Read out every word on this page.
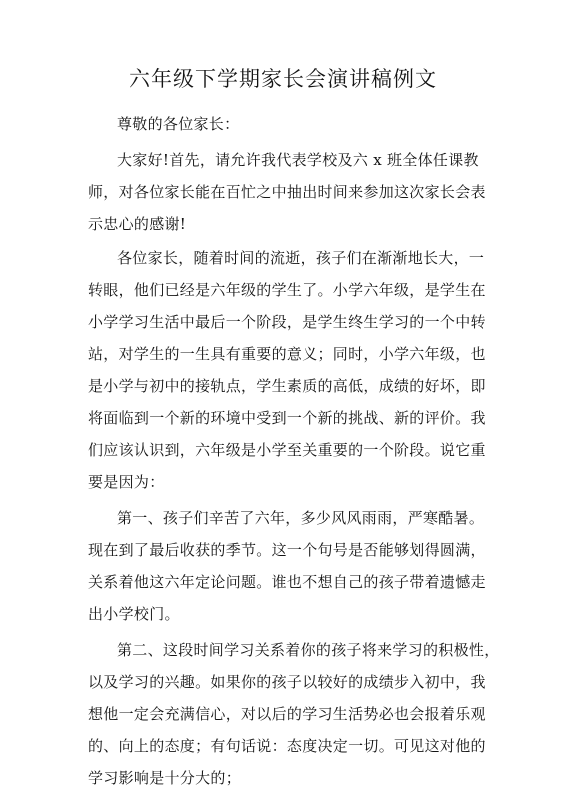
六年级下学期家长会演讲稿例文
尊敬的各位家长：
大家好!首先，请允许我代表学校及六 x 班全体任课教
师，对各位家长能在百忙之中抽出时间来参加这次家长会表
示忠心的感谢!
各位家长，随着时间的流逝，孩子们在渐渐地长大，一
转眼，他们已经是六年级的学生了。小学六年级，是学生在
小学学习生活中最后一个阶段，是学生终生学习的一个中转
站，对学生的一生具有重要的意义；同时，小学六年级，也
是小学与初中的接轨点，学生素质的高低，成绩的好坏，即
将面临到一个新的环境中受到一个新的挑战、新的评价。我
们应该认识到，六年级是小学至关重要的一个阶段。说它重
要是因为：
第一、孩子们辛苦了六年，多少风风雨雨，严寒酷暑。
现在到了最后收获的季节。这一个句号是否能够划得圆满，
关系着他这六年定论问题。谁也不想自己的孩子带着遗憾走
出小学校门。
第二、这段时间学习关系着你的孩子将来学习的积极性，
以及学习的兴趣。如果你的孩子以较好的成绩步入初中，我
想他一定会充满信心，对以后的学习生活势必也会报着乐观
的、向上的态度；有句话说：态度决定一切。可见这对他的
学习影响是十分大的；
